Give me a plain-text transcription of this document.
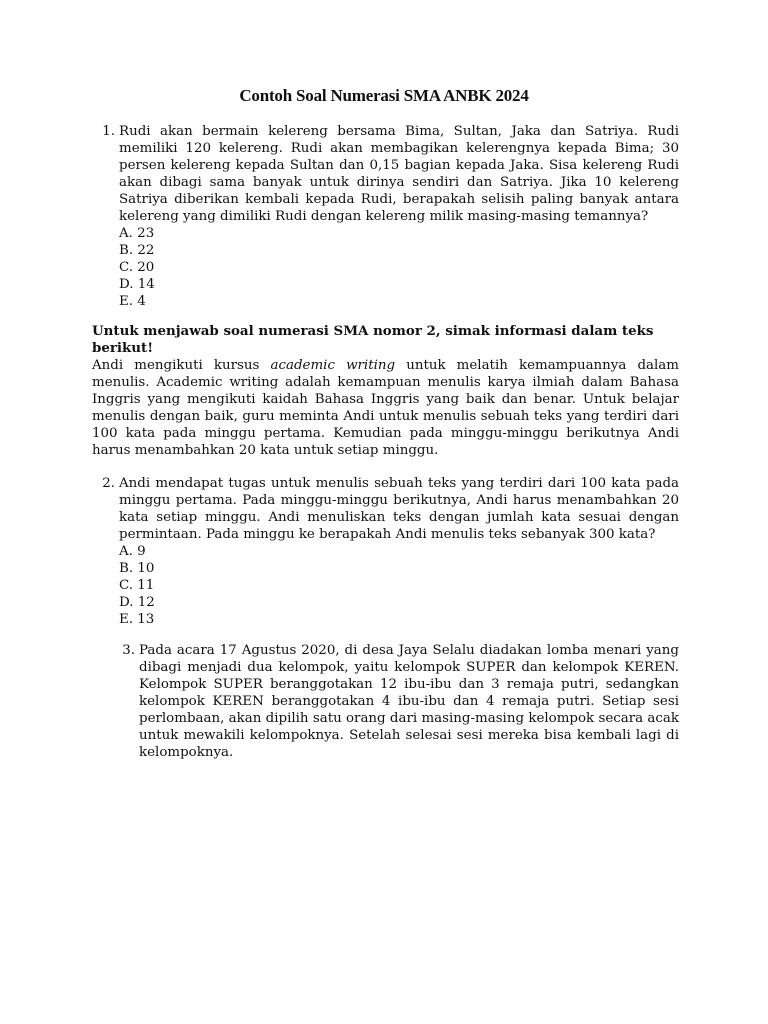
Contoh Soal Numerasi SMA ANBK 2024
1. Rudi akan bermain kelereng bersama Bima, Sultan, Jaka dan Satriya. Rudi memiliki 120 kelereng. Rudi akan membagikan kelerengnya kepada Bima; 30 persen kelereng kepada Sultan dan 0,15 bagian kepada Jaka. Sisa kelereng Rudi akan dibagi sama banyak untuk dirinya sendiri dan Satriya. Jika 10 kelereng Satriya diberikan kembali kepada Rudi, berapakah selisih paling banyak antara kelereng yang dimiliki Rudi dengan kelereng milik masing-masing temannya?
A. 23
B. 22
C. 20
D. 14
E. 4
Untuk menjawab soal numerasi SMA nomor 2, simak informasi dalam teks berikut!
Andi mengikuti kursus academic writing untuk melatih kemampuannya dalam menulis. Academic writing adalah kemampuan menulis karya ilmiah dalam Bahasa Inggris yang mengikuti kaidah Bahasa Inggris yang baik dan benar. Untuk belajar menulis dengan baik, guru meminta Andi untuk menulis sebuah teks yang terdiri dari 100 kata pada minggu pertama. Kemudian pada minggu-minggu berikutnya Andi harus menambahkan 20 kata untuk setiap minggu.
2. Andi mendapat tugas untuk menulis sebuah teks yang terdiri dari 100 kata pada minggu pertama. Pada minggu-minggu berikutnya, Andi harus menambahkan 20 kata setiap minggu. Andi menuliskan teks dengan jumlah kata sesuai dengan permintaan. Pada minggu ke berapakah Andi menulis teks sebanyak 300 kata?
A. 9
B. 10
C. 11
D. 12
E. 13
3. Pada acara 17 Agustus 2020, di desa Jaya Selalu diadakan lomba menari yang dibagi menjadi dua kelompok, yaitu kelompok SUPER dan kelompok KEREN. Kelompok SUPER beranggotakan 12 ibu-ibu dan 3 remaja putri, sedangkan kelompok KEREN beranggotakan 4 ibu-ibu dan 4 remaja putri. Setiap sesi perlombaan, akan dipilih satu orang dari masing-masing kelompok secara acak untuk mewakili kelompoknya. Setelah selesai sesi mereka bisa kembali lagi di kelompoknya.
